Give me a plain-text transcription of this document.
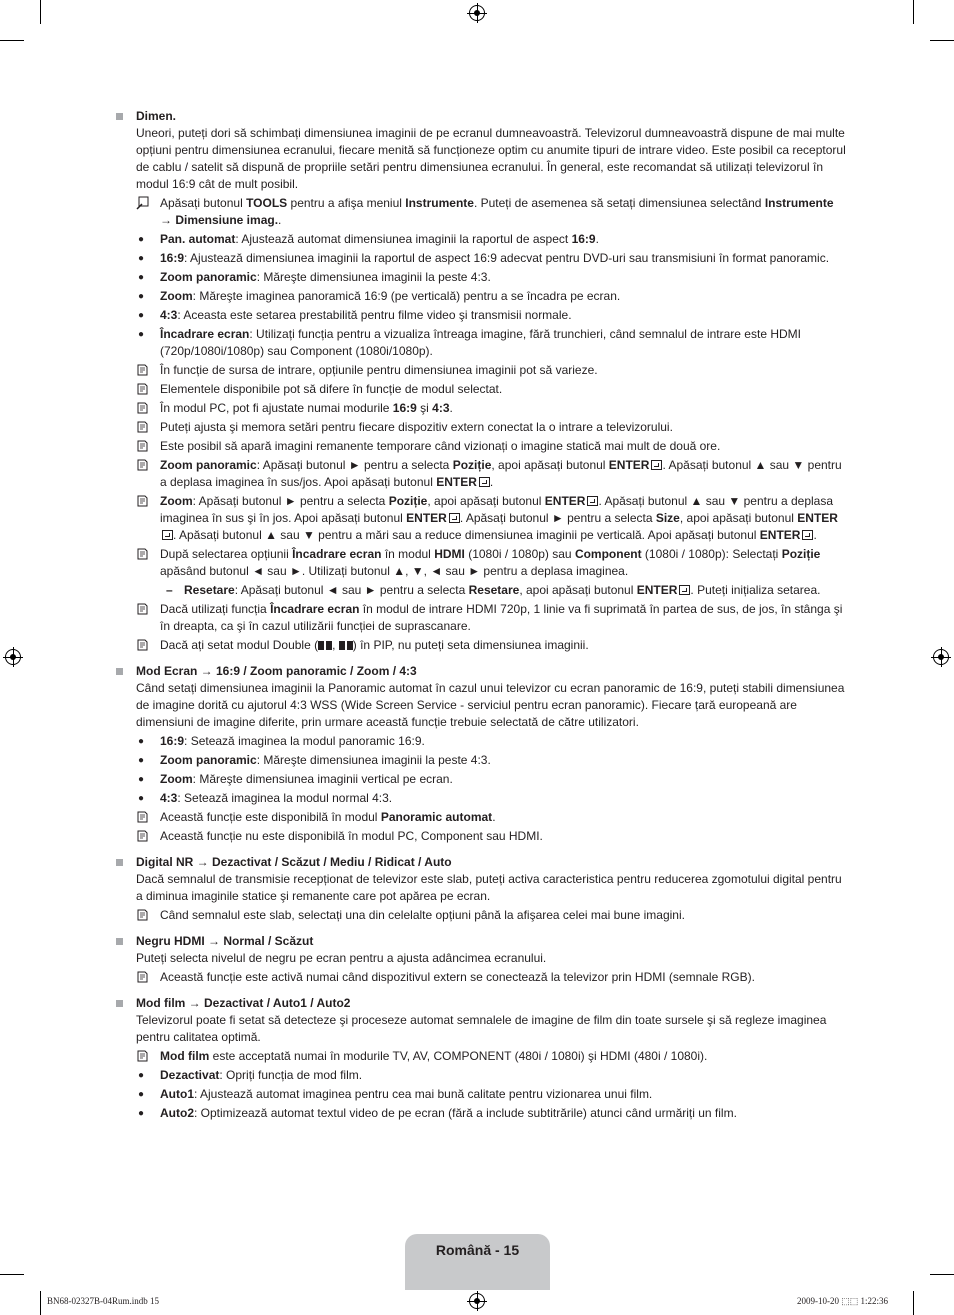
Dimen.
Uneori, puteți dori să schimbați dimensiunea imaginii de pe ecranul dumneavoastră. Televizorul dumneavoastră dispune de mai multe opțiuni pentru dimensiunea ecranului, fiecare menită să funcționeze optim cu anumite tipuri de intrare video. Este posibil ca receptorul de cablu / satelit să dispună de propriile setări pentru dimensiunea ecranului. În general, este recomandat să utilizați televizorul în modul 16:9 cât de mult posibil.
Apăsați butonul TOOLS pentru a afişa meniul Instrumente. Puteți de asemenea să setați dimensiunea selectând Instrumente → Dimensiune imag..
● Pan. automat: Ajustează automat dimensiunea imaginii la raportul de aspect 16:9.
● 16:9: Ajustează dimensiunea imaginii la raportul de aspect 16:9 adecvat pentru DVD-uri sau transmisiuni în format panoramic.
● Zoom panoramic: Măreşte dimensiunea imaginii la peste 4:3.
● Zoom: Măreşte imaginea panoramică 16:9 (pe verticală) pentru a se încadra pe ecran.
● 4:3: Aceasta este setarea prestabilită pentru filme video şi transmisii normale.
● Încadrare ecran: Utilizați funcția pentru a vizualiza întreaga imagine, fără trunchieri, când semnalul de intrare este HDMI (720p/1080i/1080p) sau Component (1080i/1080p).
În funcție de sursa de intrare, opțiunile pentru dimensiunea imaginii pot să varieze.
Elementele disponibile pot să difere în funcție de modul selectat.
În modul PC, pot fi ajustate numai modurile 16:9 şi 4:3.
Puteți ajusta şi memora setări pentru fiecare dispozitiv extern conectat la o intrare a televizorului.
Este posibil să apară imagini remanente temporare când vizionați o imagine statică mai mult de două ore.
Zoom panoramic: Apăsați butonul ► pentru a selecta Poziție, apoi apăsați butonul ENTER . Apăsați butonul ▲ sau ▼ pentru a deplasa imaginea în sus/jos. Apoi apăsați butonul ENTER .
Zoom: Apăsați butonul ► pentru a selecta Poziție, apoi apăsați butonul ENTER . Apăsați butonul ▲ sau ▼ pentru a deplasa imaginea în sus şi în jos. Apoi apăsați butonul ENTER . Apăsați butonul ► pentru a selecta Size, apoi apăsați butonul ENTER. Apăsați butonul ▲ sau ▼ pentru a mări sau a reduce dimensiunea imaginii pe verticală. Apoi apăsați butonul ENTER .
După selectarea opțiunii Încadrare ecran în modul HDMI (1080i / 1080p) sau Component (1080i / 1080p): Selectați Poziție apăsând butonul ◄ sau ►. Utilizați butonul ▲, ▼, ◄ sau ► pentru a deplasa imaginea.
– Resetare: Apăsați butonul ◄ sau ► pentru a selecta Resetare, apoi apăsați butonul ENTER . Puteți inițializa setarea.
Dacă utilizați funcția Încadrare ecran în modul de intrare HDMI 720p, 1 linie va fi suprimată în partea de sus, de jos, în stânga şi în dreapta, ca şi în cazul utilizării funcției de suprascanare.
Dacă ați setat modul Double ( , ) în PIP, nu puteți seta dimensiunea imaginii.
Mod Ecran → 16:9 / Zoom panoramic / Zoom / 4:3
Când setați dimensiunea imaginii la Panoramic automat în cazul unui televizor cu ecran panoramic de 16:9, puteți stabili dimensiunea de imagine dorită cu ajutorul 4:3 WSS (Wide Screen Service - serviciul pentru ecran panoramic). Fiecare țară europeană are dimensiuni de imagine diferite, prin urmare această funcție trebuie selectată de către utilizatori.
● 16:9: Setează imaginea la modul panoramic 16:9.
● Zoom panoramic: Măreşte dimensiunea imaginii la peste 4:3.
● Zoom: Măreşte dimensiunea imaginii vertical pe ecran.
● 4:3: Setează imaginea la modul normal 4:3.
Această funcție este disponibilă în modul Panoramic automat.
Această funcție nu este disponibilă în modul PC, Component sau HDMI.
Digital NR → Dezactivat / Scăzut / Mediu / Ridicat / Auto
Dacă semnalul de transmisie recepționat de televizor este slab, puteți activa caracteristica pentru reducerea zgomotului digital pentru a diminua imaginile statice şi remanente care pot apărea pe ecran.
Când semnalul este slab, selectați una din celelalte opțiuni până la afişarea celei mai bune imagini.
Negru HDMI → Normal / Scăzut
Puteți selecta nivelul de negru pe ecran pentru a ajusta adâncimea ecranului.
Această funcție este activă numai când dispozitivul extern se conectează la televizor prin HDMI (semnale RGB).
Mod film → Dezactivat / Auto1 / Auto2
Televizorul poate fi setat să detecteze şi proceseze automat semnalele de imagine de film din toate sursele şi să regleze imaginea pentru calitatea optimă.
Mod film este acceptată numai în modurile TV, AV, COMPONENT (480i / 1080i) şi HDMI (480i / 1080i).
● Dezactivat: Opriți funcția de mod film.
● Auto1: Ajustează automat imaginea pentru cea mai bună calitate pentru vizionarea unui film.
● Auto2: Optimizează automat textul video de pe ecran (fără a include subtitrările) atunci când urmăriți un film.
Română - 15
BN68-02327B-04Rum.indb 15	2009-10-20 ⬚⬚ 1:22:36
